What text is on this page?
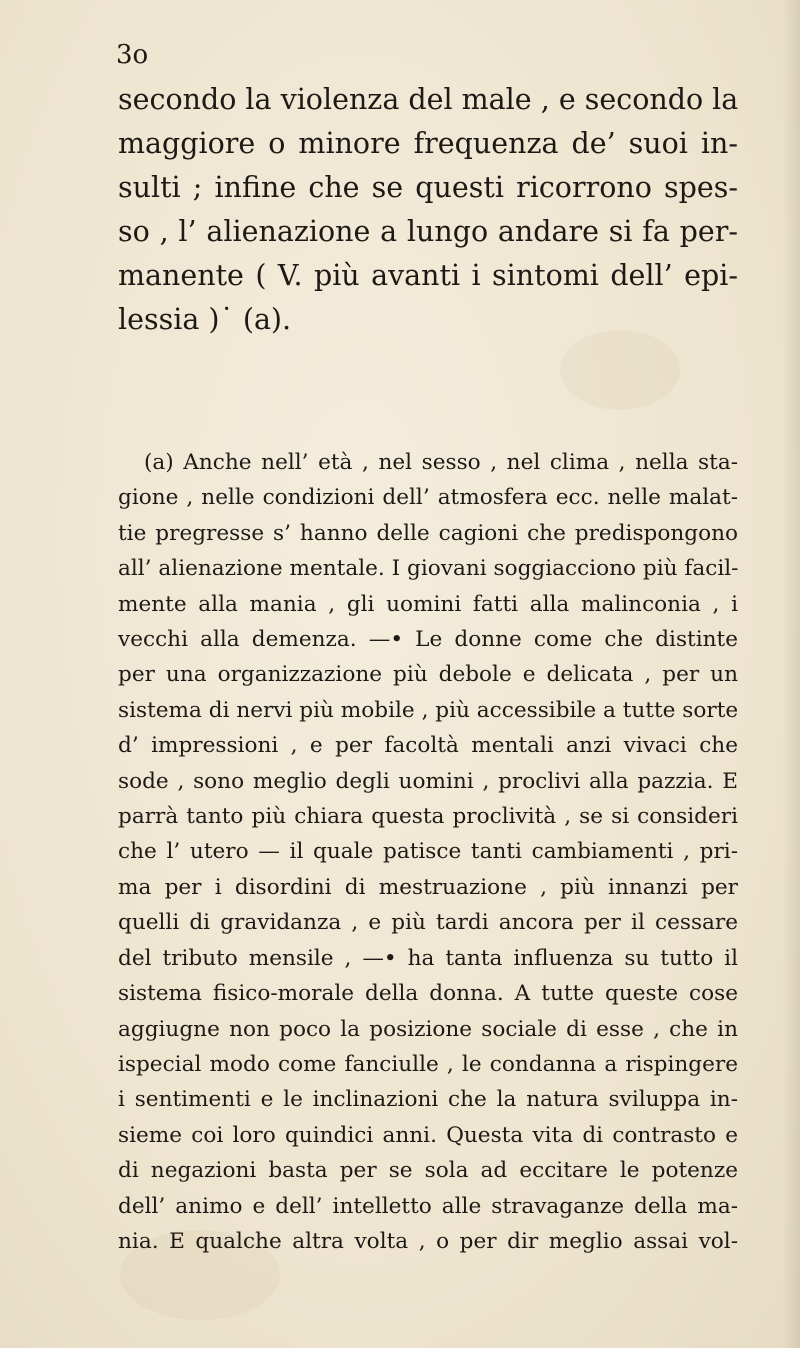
3o
secondo la violenza del male , e secondo la
maggiore o minore frequenza de’ suoi in-
sulti ; infine che se questi ricorrono spes-
so , l’ alienazione a lungo andare si fa per-
manente ( V. più avanti i sintomi dell’ epi-
lessia )˙ (a).
(a) Anche nell’ età , nel sesso , nel clima , nella sta-
gione , nelle condizioni dell’ atmosfera ecc. nelle malat-
tie pregresse s’ hanno delle cagioni che predispongono
all’ alienazione mentale. I giovani soggiacciono più facil-
mente alla mania , gli uomini fatti alla malinconia , i
vecchi alla demenza. —• Le donne come che distinte
per una organizzazione più debole e delicata , per un
sistema di nervi più mobile , più accessibile a tutte sorte
d’ impressioni , e per facoltà mentali anzi vivaci che
sode , sono meglio degli uomini , proclivi alla pazzia. E
parrà tanto più chiara questa proclività , se si consideri
che l’ utero — il quale patisce tanti cambiamenti , pri-
ma per i disordini di mestruazione , più innanzi per
quelli di gravidanza , e più tardi ancora per il cessare
del tributo mensile , —• ha tanta influenza su tutto il
sistema fisico-morale della donna. A tutte queste cose
aggiugne non poco la posizione sociale di esse , che in
ispecial modo come fanciulle , le condanna a rispingere
i sentimenti e le inclinazioni che la natura sviluppa in-
sieme coi loro quindici anni. Questa vita di contrasto e
di negazioni basta per se sola ad eccitare le potenze
dell’ animo e dell’ intelletto alle stravaganze della ma-
nia. E qualche altra volta , o per dir meglio assai vol-
